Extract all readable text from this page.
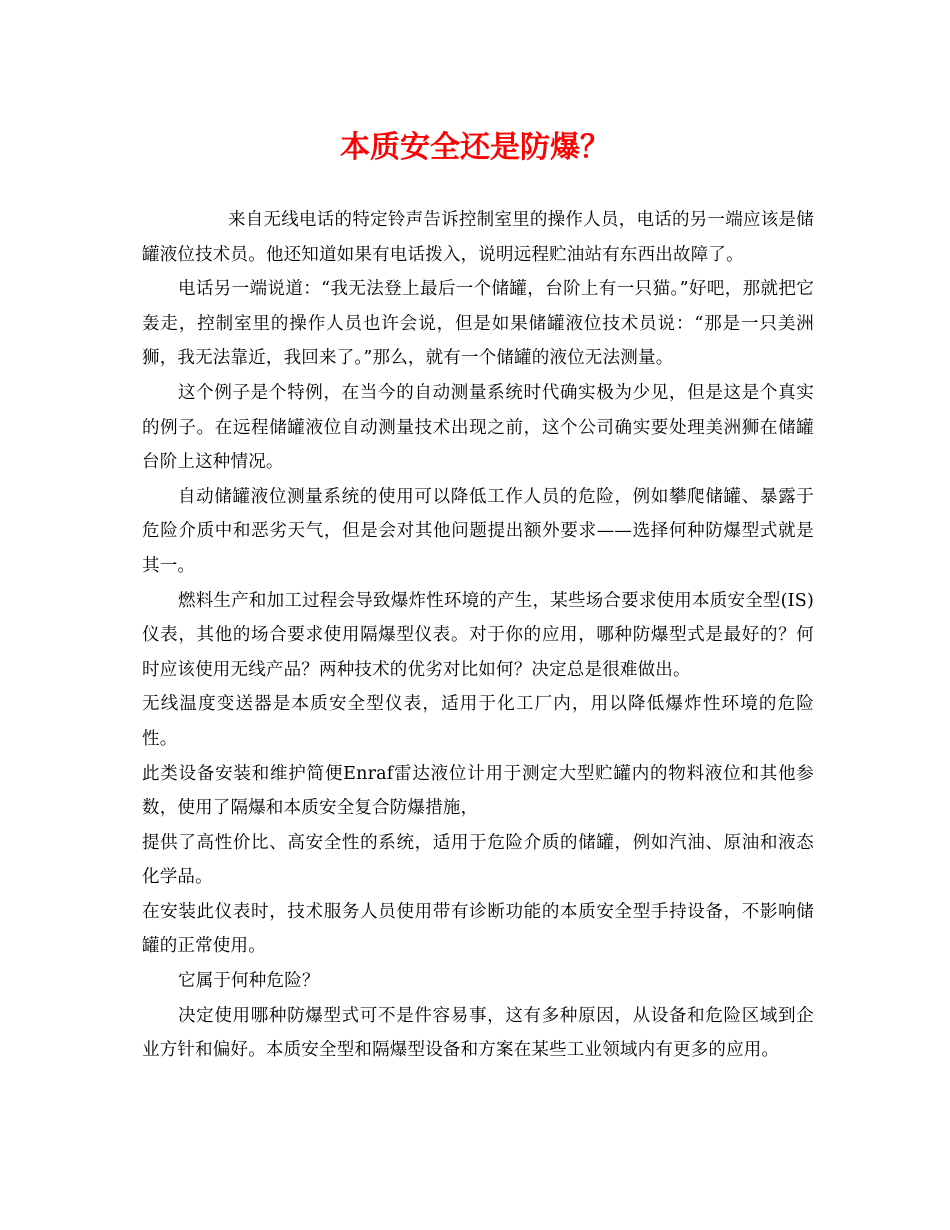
本质安全还是防爆？

来自无线电话的特定铃声告诉控制室里的操作人员，电话的另一端应该是储罐液位技术员。他还知道如果有电话拨入，说明远程贮油站有东西出故障了。

电话另一端说道：“我无法登上最后一个储罐，台阶上有一只猫。”好吧，那就把它轰走，控制室里的操作人员也许会说，但是如果储罐液位技术员说：“那是一只美洲狮，我无法靠近，我回来了。”那么，就有一个储罐的液位无法测量。

这个例子是个特例，在当今的自动测量系统时代确实极为少见，但是这是个真实的例子。在远程储罐液位自动测量技术出现之前，这个公司确实要处理美洲狮在储罐台阶上这种情况。

自动储罐液位测量系统的使用可以降低工作人员的危险，例如攀爬储罐、暴露于危险介质中和恶劣天气，但是会对其他问题提出额外要求——选择何种防爆型式就是其一。

燃料生产和加工过程会导致爆炸性环境的产生，某些场合要求使用本质安全型(IS)仪表，其他的场合要求使用隔爆型仪表。对于你的应用，哪种防爆型式是最好的？何时应该使用无线产品？两种技术的优劣对比如何？决定总是很难做出。

无线温度变送器是本质安全型仪表，适用于化工厂内，用以降低爆炸性环境的危险性。

此类设备安装和维护简便Enraf雷达液位计用于测定大型贮罐内的物料液位和其他参数，使用了隔爆和本质安全复合防爆措施，

提供了高性价比、高安全性的系统，适用于危险介质的储罐，例如汽油、原油和液态化学品。

在安装此仪表时，技术服务人员使用带有诊断功能的本质安全型手持设备，不影响储罐的正常使用。

它属于何种危险？

决定使用哪种防爆型式可不是件容易事，这有多种原因，从设备和危险区域到企业方针和偏好。本质安全型和隔爆型设备和方案在某些工业领域内有更多的应用。
